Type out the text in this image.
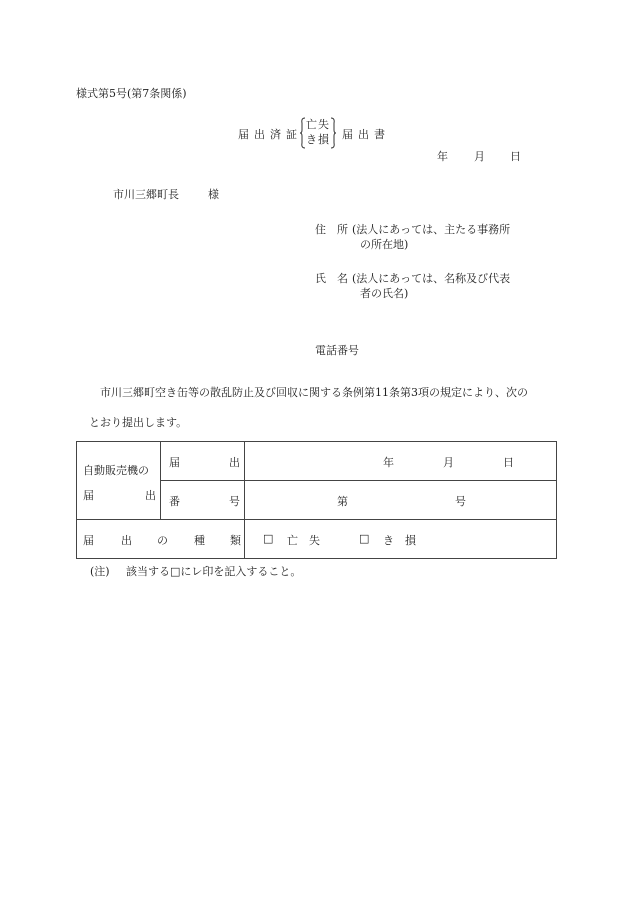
様式第5号(第7条関係)
届出済証
亡失
き損 届出書
年 月 日
市川三郷町長	様
住　所 (法人にあっては、主たる事務所
の所在地)
氏　名 (法人にあっては、名称及び代表
者の氏名)
電話番号
市川三郷町空き缶等の散乱防止及び回収に関する条例第11条第3項の規定により、次の
とおり提出します。
自動販売機の
届 出	届 出	年 月 日

	番 号	第 号

届 出 の 種 類		□ 亡　失 □ き　損
(注) 該当する□にレ印を記入すること。
